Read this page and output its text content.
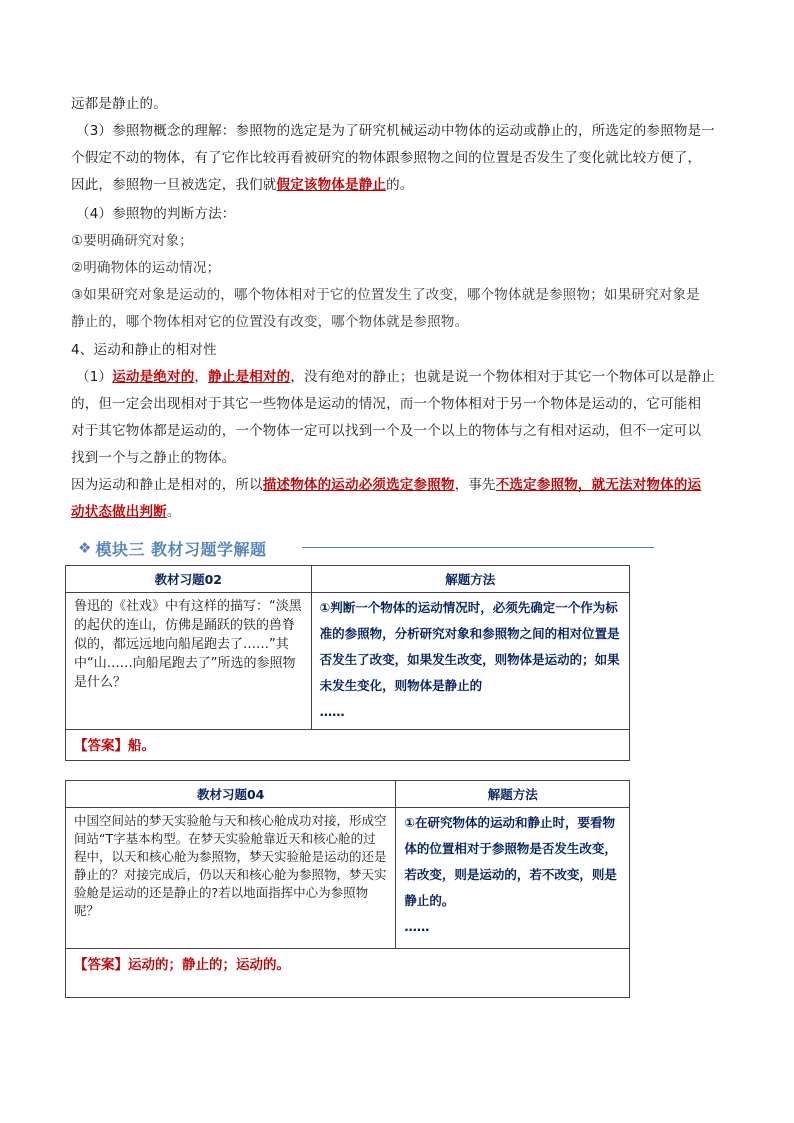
远都是静止的。
（3）参照物概念的理解：参照物的选定是为了研究机械运动中物体的运动或静止的，所选定的参照物是一
个假定不动的物体，有了它作比较再看被研究的物体跟参照物之间的位置是否发生了变化就比较方便了，
因此，参照物一旦被选定，我们就假定该物体是静止的。
（4）参照物的判断方法：
①要明确研究对象；
②明确物体的运动情况；
③如果研究对象是运动的，哪个物体相对于它的位置发生了改变，哪个物体就是参照物；如果研究对象是
静止的，哪个物体相对它的位置没有改变，哪个物体就是参照物。
4、运动和静止的相对性
（1）运动是绝对的，静止是相对的，没有绝对的静止；也就是说一个物体相对于其它一个物体可以是静止
的，但一定会出现相对于其它一些物体是运动的情况，而一个物体相对于另一个物体是运动的，它可能相
对于其它物体都是运动的，一个物体一定可以找到一个及一个以上的物体与之有相对运动，但不一定可以
找到一个与之静止的物体。
因为运动和静止是相对的，所以描述物体的运动必须选定参照物，事先不选定参照物，就无法对物体的运
动状态做出判断。
❖ 模块三 教材习题学解题
教材习题02	解题方法
鲁迅的《社戏》中有这样的描写：“淡黑的起伏的连山，仿佛是踊跃的铁的兽脊似的，都远远地向船尾跑去了……”其中“山……向船尾跑去了”所选的参照物是什么？	①判断一个物体的运动情况时，必须先确定一个作为标准的参照物，分析研究对象和参照物之间的相对位置是否发生了改变，如果发生改变，则物体是运动的；如果未发生变化，则物体是静止的
……
【答案】船。	
教材习题04	解题方法
中国空间站的梦天实验舱与天和核心舱成功对接，形成空间站“T字基本构型。在梦天实验舱靠近天和核心舱的过程中，以天和核心舱为参照物，梦天实验舱是运动的还是静止的？对接完成后，仍以天和核心舱为参照物，梦天实验舱是运动的还是静止的?若以地面指挥中心为参照物呢？	①在研究物体的运动和静止时，要看物体的位置相对于参照物是否发生改变，若改变，则是运动的，若不改变，则是静止的。
……
【答案】运动的；静止的；运动的。	
